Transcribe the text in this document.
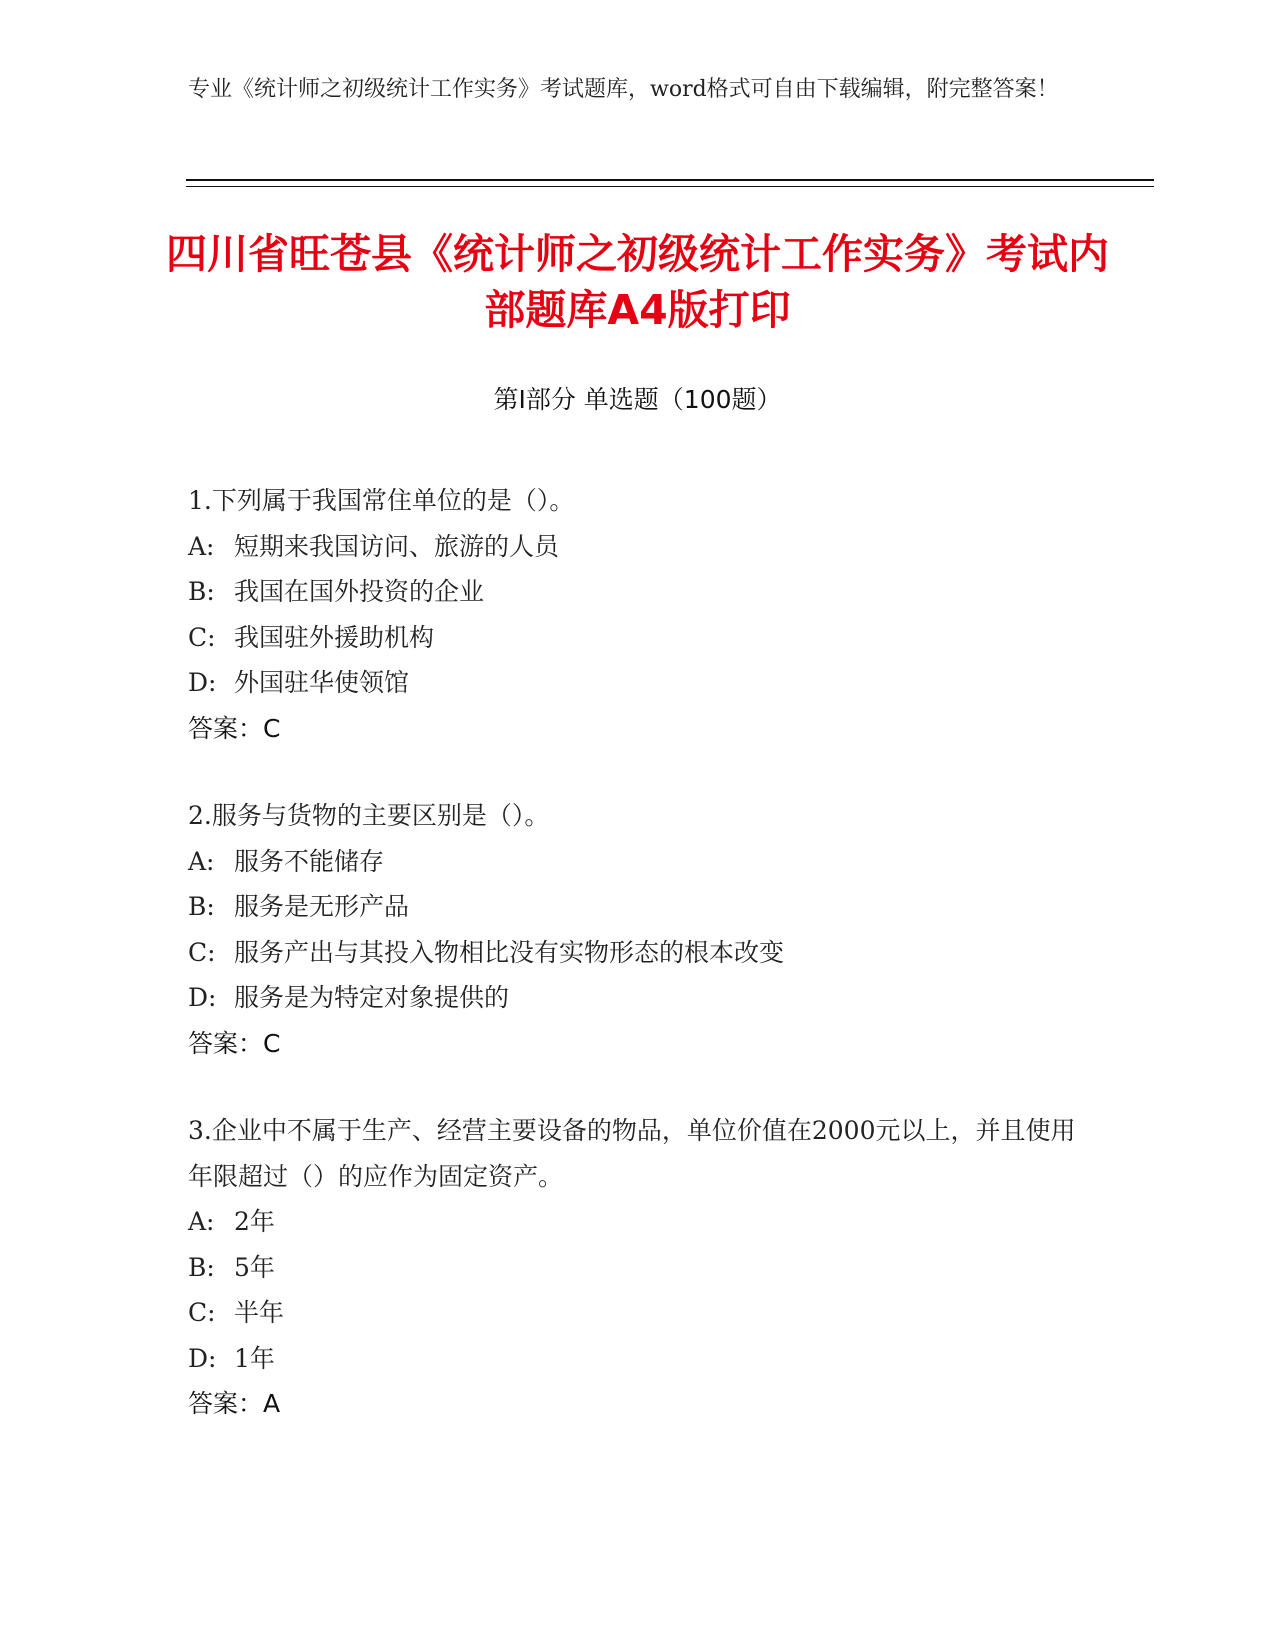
专业《统计师之初级统计工作实务》考试题库，word格式可自由下载编辑，附完整答案！
四川省旺苍县《统计师之初级统计工作实务》考试内部题库A4版打印
第Ⅰ部分 单选题（100题）
1.下列属于我国常住单位的是（）。
A: 短期来我国访问、旅游的人员
B: 我国在国外投资的企业
C: 我国驻外援助机构
D: 外国驻华使领馆
答案：C
2.服务与货物的主要区别是（）。
A: 服务不能储存
B: 服务是无形产品
C: 服务产出与其投入物相比没有实物形态的根本改变
D: 服务是为特定对象提供的
答案：C
3.企业中不属于生产、经营主要设备的物品，单位价值在2000元以上，并且使用年限超过（）的应作为固定资产。
A: 2年
B: 5年
C: 半年
D: 1年
答案：A
